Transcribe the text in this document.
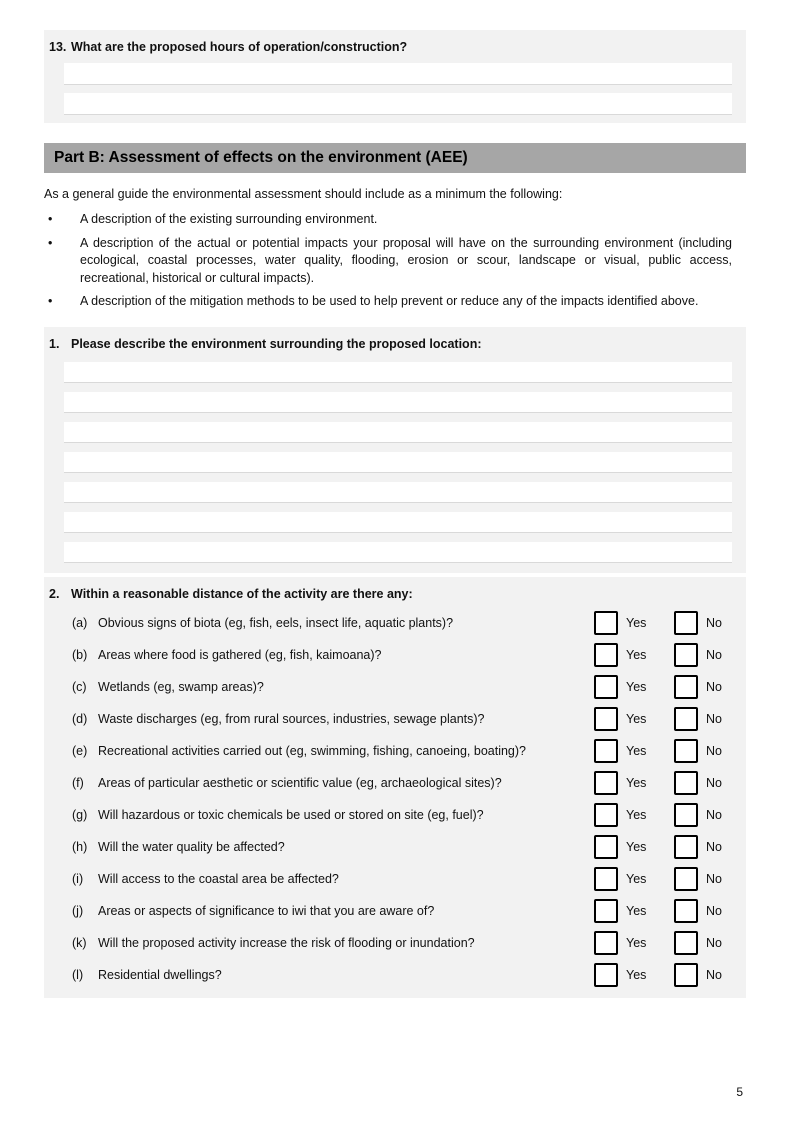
13. What are the proposed hours of operation/construction?
Part B: Assessment of effects on the environment (AEE)

As a general guide the environmental assessment should include as a minimum the following:

•
A description of the existing surrounding environment.
•
A description of the actual or potential impacts your proposal will have on the surrounding environment (including ecological, coastal processes, water quality, flooding, erosion or scour, landscape or visual, public access, recreational, historical or cultural impacts).
•
A description of the mitigation methods to be used to help prevent or reduce any of the impacts identified above.
1. Please describe the environment surrounding the proposed location:
2. Within a reasonable distance of the activity are there any:
(a) Obvious signs of biota (eg, fish, eels, insect life, aquatic plants)?	Yes	No
(b) Areas where food is gathered (eg, fish, kaimoana)?	Yes	No
(c) Wetlands (eg, swamp areas)?	Yes	No
(d) Waste discharges (eg, from rural sources, industries, sewage plants)?	Yes	No
(e) Recreational activities carried out (eg, swimming, fishing, canoeing, boating)?	Yes	No
(f)	Areas of particular aesthetic or scientific value (eg, archaeological sites)?	Yes	No
(g) Will hazardous or toxic chemicals be used or stored on site (eg, fuel)?	Yes	No
(h) Will the water quality be affected?	Yes	No
(i)	Will access to the coastal area be affected?	Yes	No
(j)	Areas or aspects of significance to iwi that you are aware of?	Yes	No
(k) Will the proposed activity increase the risk of flooding or inundation?	Yes	No
(l)	Residential dwellings?	Yes	No
5
